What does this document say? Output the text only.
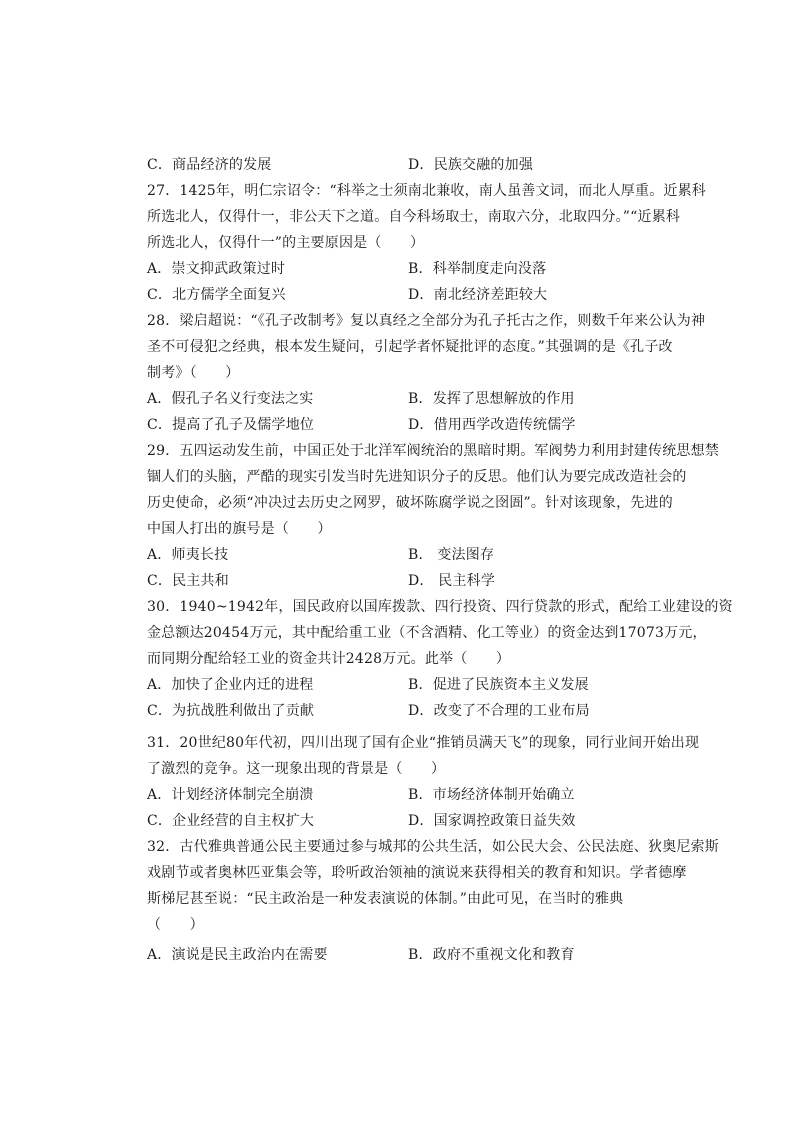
C．商品经济的发展	D．民族交融的加强
27．1425年，明仁宗诏令：“科举之士须南北兼收，南人虽善文词，而北人厚重。近累科
所选北人，仅得什一，非公天下之道。自今科场取士，南取六分，北取四分。”“近累科
所选北人，仅得什一”的主要原因是（　　）
A．崇文抑武政策过时	B．科举制度走向没落
C．北方儒学全面复兴	D．南北经济差距较大
28．梁启超说：“《孔子改制考》复以真经之全部分为孔子托古之作，则数千年来公认为神
圣不可侵犯之经典，根本发生疑问，引起学者怀疑批评的态度。”其强调的是《孔子改
制考》（　　）
A．假孔子名义行变法之实	B．发挥了思想解放的作用
C．提高了孔子及儒学地位	D．借用西学改造传统儒学
29．五四运动发生前，中国正处于北洋军阀统治的黑暗时期。军阀势力利用封建传统思想禁
锢人们的头脑，严酷的现实引发当时先进知识分子的反思。他们认为要完成改造社会的
历史使命，必须“冲决过去历史之网罗，破坏陈腐学说之囹圄”。针对该现象，先进的
中国人打出的旗号是（　　）
A．师夷长技	B． 变法图存
C．民主共和	D． 民主科学
30．1940~1942年，国民政府以国库拨款、四行投资、四行贷款的形式，配给工业建设的资
金总额达20454万元，其中配给重工业（不含酒精、化工等业）的资金达到17073万元，
而同期分配给轻工业的资金共计2428万元。此举（　　）
A．加快了企业内迁的进程	B．促进了民族资本主义发展
C．为抗战胜利做出了贡献	D．改变了不合理的工业布局
31．20世纪80年代初，四川出现了国有企业“推销员满天飞”的现象，同行业间开始出现
了激烈的竞争。这一现象出现的背景是（　　）
A．计划经济体制完全崩溃	B．市场经济体制开始确立
C．企业经营的自主权扩大	D．国家调控政策日益失效
32．古代雅典普通公民主要通过参与城邦的公共生活，如公民大会、公民法庭、狄奥尼索斯
戏剧节或者奥林匹亚集会等，聆听政治领袖的演说来获得相关的教育和知识。学者德摩
斯梯尼甚至说：“民主政治是一种发表演说的体制。”由此可见，在当时的雅典
（　　）
A．演说是民主政治内在需要	B．政府不重视文化和教育
